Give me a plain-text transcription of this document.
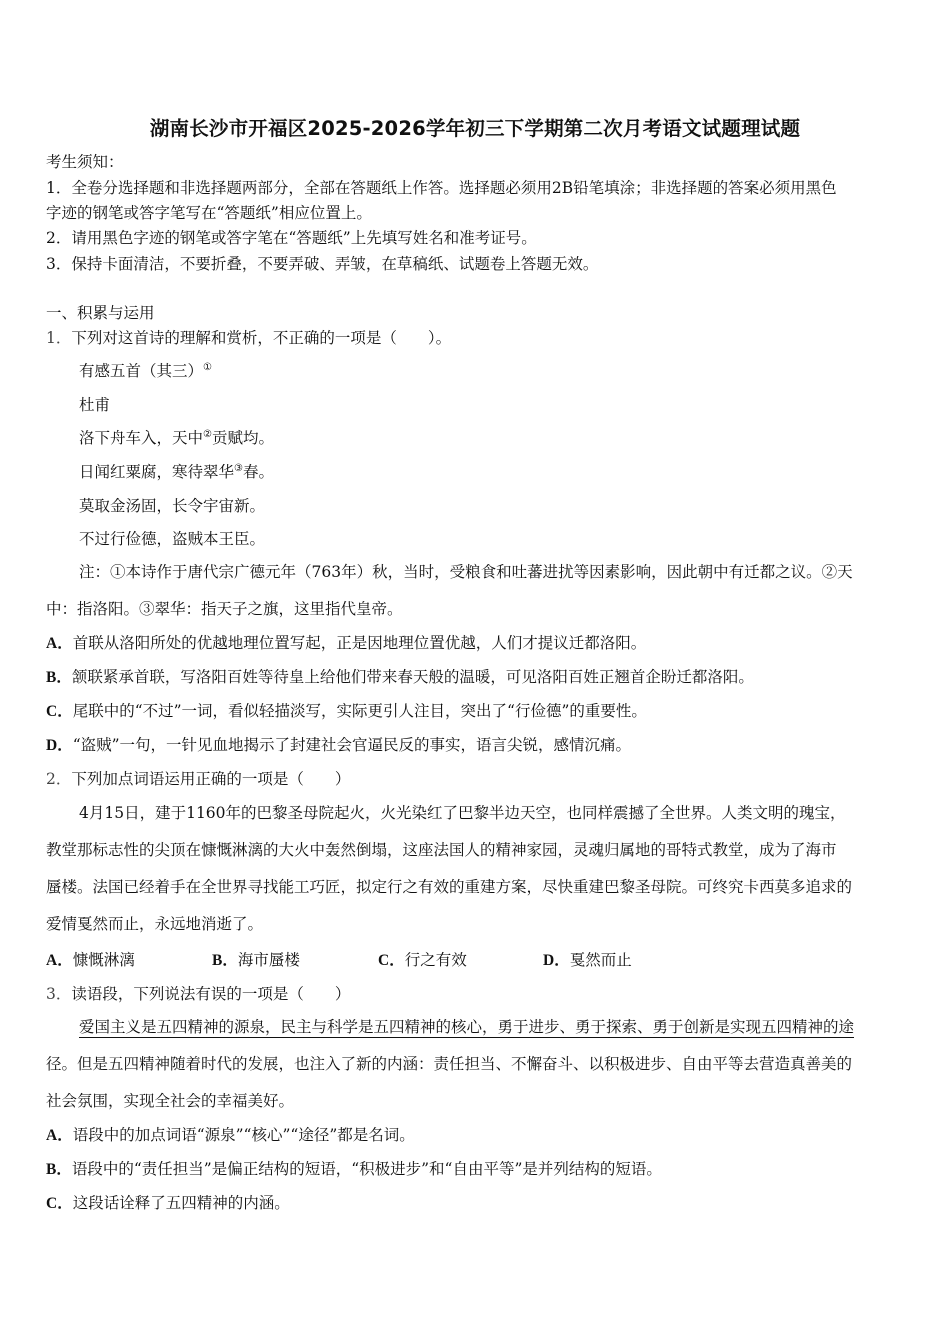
湖南长沙市开福区2025-2026学年初三下学期第二次月考语文试题理试题
考生须知：
1．全卷分选择题和非选择题两部分，全部在答题纸上作答。选择题必须用2B铅笔填涂；非选择题的答案必须用黑色
字迹的钢笔或答字笔写在“答题纸”相应位置上。
2．请用黑色字迹的钢笔或答字笔在“答题纸”上先填写姓名和准考证号。
3．保持卡面清洁，不要折叠，不要弄破、弄皱，在草稿纸、试题卷上答题无效。
一、积累与运用
1．下列对这首诗的理解和赏析，不正确的一项是（　　）。
有感五首（其三）①
杜甫
洛下舟车入，天中②贡赋均。
日闻红粟腐，寒待翠华③春。
莫取金汤固，长令宇宙新。
不过行俭德，盗贼本王臣。
注：①本诗作于唐代宗广德元年（763年）秋，当时，受粮食和吐蕃进扰等因素影响，因此朝中有迁都之议。②天
中：指洛阳。③翠华：指天子之旗，这里指代皇帝。
A．首联从洛阳所处的优越地理位置写起，正是因地理位置优越，人们才提议迁都洛阳。
B．颔联紧承首联，写洛阳百姓等待皇上给他们带来春天般的温暖，可见洛阳百姓正翘首企盼迁都洛阳。
C．尾联中的“不过”一词，看似轻描淡写，实际更引人注目，突出了“行俭德”的重要性。
D．“盗贼”一句，一针见血地揭示了封建社会官逼民反的事实，语言尖锐，感情沉痛。
2．下列加点词语运用正确的一项是（　　）
4月15日，建于1160年的巴黎圣母院起火，火光染红了巴黎半边天空，也同样震撼了全世界。人类文明的瑰宝，
教堂那标志性的尖顶在慷慨淋漓的大火中轰然倒塌，这座法国人的精神家园，灵魂归属地的哥特式教堂，成为了海市
蜃楼。法国已经着手在全世界寻找能工巧匠，拟定行之有效的重建方案，尽快重建巴黎圣母院。可终究卡西莫多追求的
爱情戛然而止，永远地消逝了。
A．慷慨淋漓	B．海市蜃楼	C．行之有效	D．戛然而止
3．读语段，下列说法有误的一项是（　　）
爱国主义是五四精神的源泉，民主与科学是五四精神的核心，勇于进步、勇于探索、勇于创新是实现五四精神的途
径。但是五四精神随着时代的发展，也注入了新的内涵：责任担当、不懈奋斗、以积极进步、自由平等去营造真善美的
社会氛围，实现全社会的幸福美好。
A．语段中的加点词语“源泉”“核心”“途径”都是名词。
B．语段中的“责任担当”是偏正结构的短语，“积极进步”和“自由平等”是并列结构的短语。
C．这段话诠释了五四精神的内涵。
